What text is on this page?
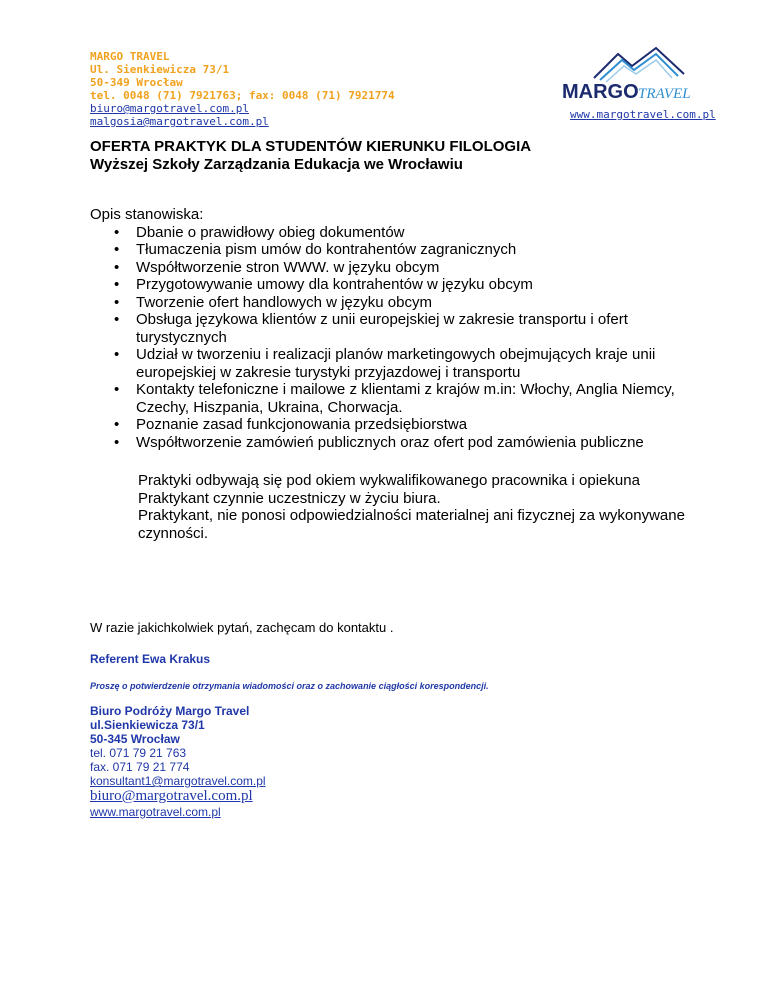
MARGO TRAVEL
Ul. Sienkiewicza 73/1
50-349 Wrocław
tel. 0048 (71) 7921763; fax: 0048 (71) 7921774
biuro@margotravel.com.pl
malgosia@margotravel.com.pl
MARGO TRAVEL
www.margotravel.com.pl
OFERTA PRAKTYK DLA STUDENTÓW KIERUNKU FILOLOGIA
Wyższej Szkoły Zarządzania Edukacja we Wrocławiu
Opis stanowiska:
• Dbanie o prawidłowy obieg dokumentów
• Tłumaczenia pism umów do kontrahentów zagranicznych
• Współtworzenie stron WWW. w języku obcym
• Przygotowywanie umowy dla kontrahentów w języku obcym
• Tworzenie ofert handlowych w języku obcym
• Obsługa językowa klientów z unii europejskiej w zakresie transportu i ofert turystycznych
• Udział w tworzeniu i realizacji planów marketingowych obejmujących kraje unii europejskiej w zakresie turystyki przyjazdowej i transportu
• Kontakty telefoniczne i mailowe z klientami z krajów m.in: Włochy, Anglia Niemcy, Czechy, Hiszpania, Ukraina, Chorwacja.
• Poznanie zasad funkcjonowania przedsiębiorstwa
• Współtworzenie zamówień publicznych oraz ofert pod zamówienia publiczne
Praktyki odbywają się pod okiem wykwalifikowanego pracownika i opiekuna
Praktykant czynnie uczestniczy w życiu biura.
Praktykant, nie ponosi odpowiedzialności materialnej ani fizycznej za wykonywane czynności.
W razie jakichkolwiek pytań, zachęcam do kontaktu .
Referent Ewa Krakus
Proszę o potwierdzenie otrzymania wiadomości oraz o zachowanie ciągłości korespondencji.
Biuro Podróży Margo Travel
ul.Sienkiewicza 73/1
50-345 Wrocław
tel. 071 79 21 763
fax. 071 79 21 774
konsultant1@margotravel.com.pl
biuro@margotravel.com.pl
www.margotravel.com.pl
